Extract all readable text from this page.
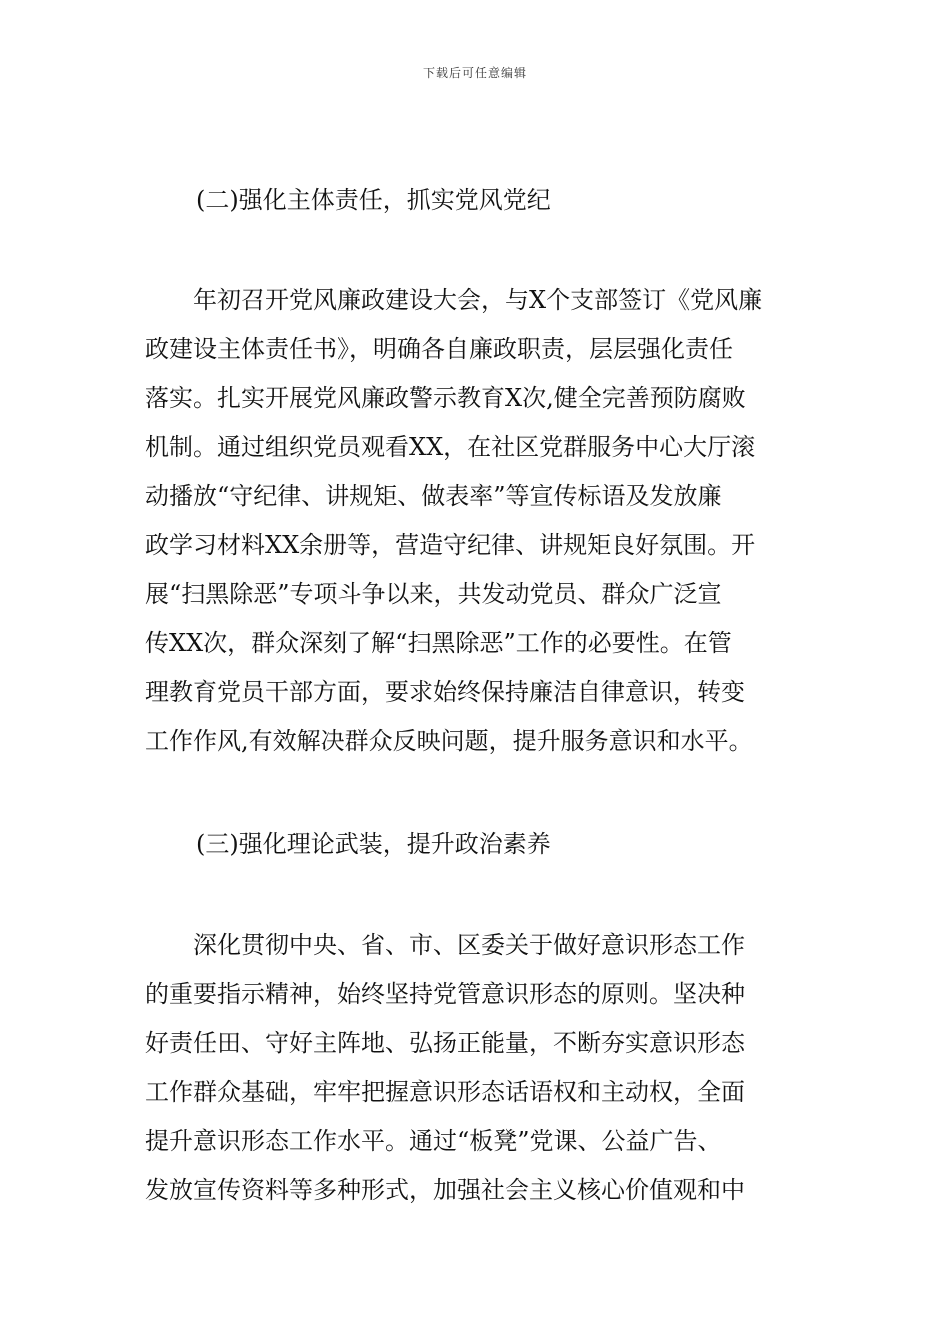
下载后可任意编辑
(二)强化主体责任，抓实党风党纪
　　年初召开党风廉政建设大会，与X个支部签订《党风廉
政建设主体责任书》，明确各自廉政职责，层层强化责任
落实。扎实开展党风廉政警示教育X次,健全完善预防腐败
机制。通过组织党员观看XX，在社区党群服务中心大厅滚
动播放“守纪律、讲规矩、做表率”等宣传标语及发放廉
政学习材料XX余册等，营造守纪律、讲规矩良好氛围。开
展“扫黑除恶”专项斗争以来，共发动党员、群众广泛宣
传XX次，群众深刻了解“扫黑除恶”工作的必要性。在管
理教育党员干部方面，要求始终保持廉洁自律意识，转变
工作作风,有效解决群众反映问题，提升服务意识和水平。
(三)强化理论武装，提升政治素养
　　深化贯彻中央、省、市、区委关于做好意识形态工作
的重要指示精神，始终坚持党管意识形态的原则。坚决种
好责任田、守好主阵地、弘扬正能量，不断夯实意识形态
工作群众基础，牢牢把握意识形态话语权和主动权，全面
提升意识形态工作水平。通过“板凳”党课、公益广告、
发放宣传资料等多种形式，加强社会主义核心价值观和中
